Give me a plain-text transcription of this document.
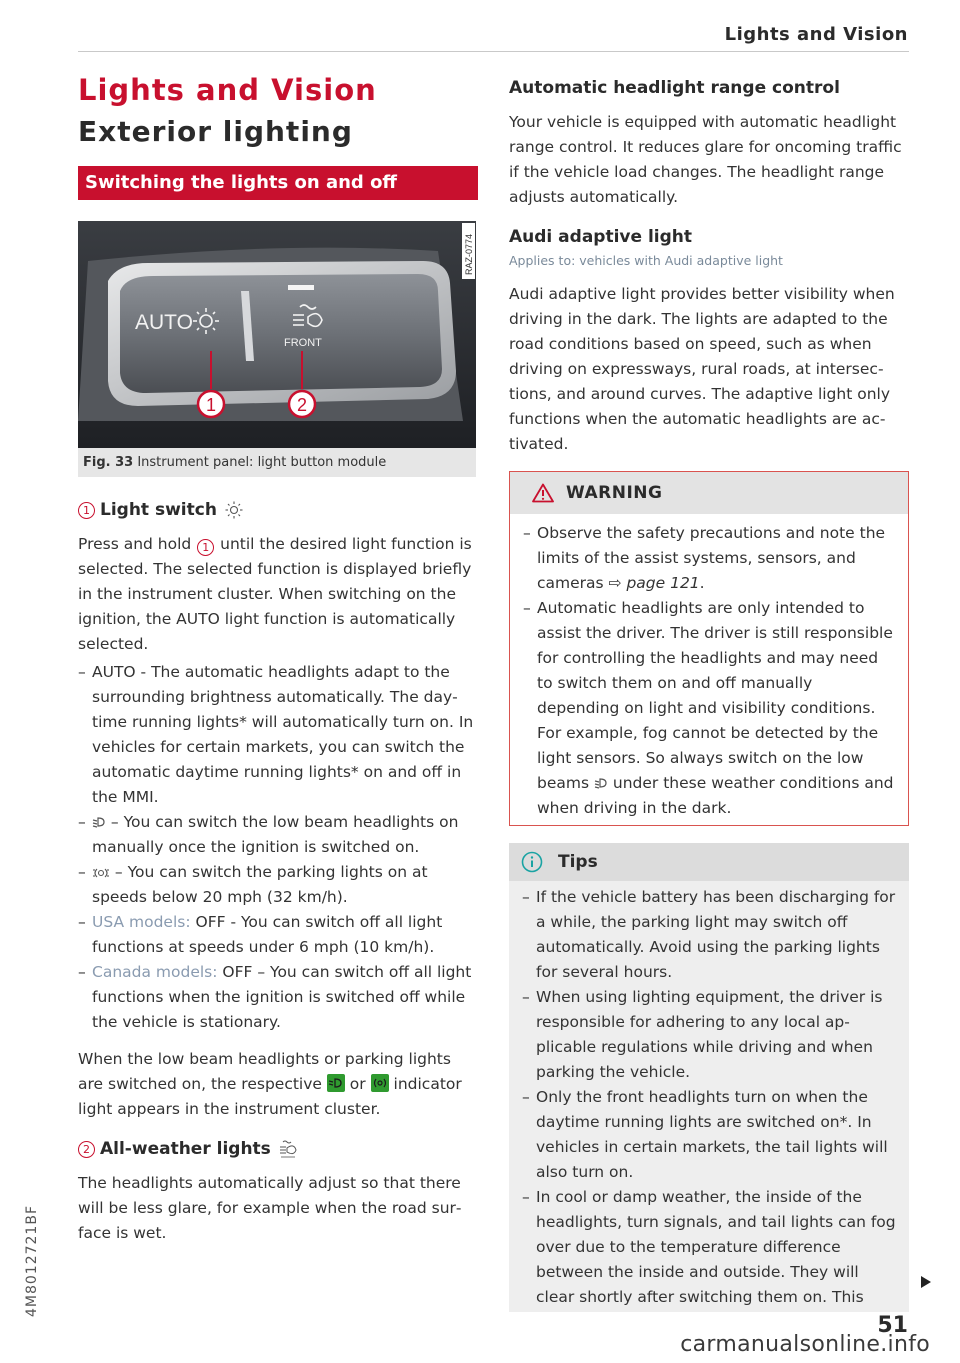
Lights and Vision
4M8012721BF
Lights and Vision
Exterior lighting
Switching the lights on and off
AUTO
FRONT
1	2
RAZ-0774
Fig. 33 Instrument panel: light button module
1 Light switch

Press and hold 1 until the desired light function is selected. The selected function is displayed briefly in the instrument cluster. When switching on the ignition, the AUTO light function is automatically selected.

– AUTO - The automatic headlights adapt to the surrounding brightness automatically. The daytime running lights* will automatically turn on. In vehicles for certain markets, you can switch the automatic daytime running lights* on and off in the MMI.
– – You can switch the low beam headlights on manually once the ignition is switched on.
– – You can switch the parking lights on at speeds below 20 mph (32 km/h).
– USA models: OFF - You can switch off all light functions at speeds under 6 mph (10 km/h).
– Canada models: OFF – You can switch off all light functions when the ignition is switched off while the vehicle is stationary.

When the low beam headlights or parking lights are switched on, the respective
or
indicator light appears in the instrument cluster.

2 All-weather lights

The headlights automatically adjust so that there will be less glare, for example when the road surface is wet.

Automatic headlight range control

Your vehicle is equipped with automatic headlight range control. It reduces glare for oncoming traffic if the vehicle load changes. The headlight range adjusts automatically.

Audi adaptive light
Applies to: vehicles with Audi adaptive light

Audi adaptive light provides better visibility when driving in the dark. The lights are adapted to the road conditions based on speed, such as when driving on expressways, rural roads, at intersections, and around curves. The adaptive light only functions when the automatic headlights are activated.

WARNING
– Observe the safety precautions and note the limits of the assist systems, sensors, and cameras ⇨ page 121.
– Automatic headlights are only intended to assist the driver. The driver is still responsible for controlling the headlights and may need to switch them on and off manually depending on light and visibility conditions. For example, fog cannot be detected by the light sensors. So always switch on the low beams  under these weather conditions and when driving in the dark.
Tips
– If the vehicle battery has been discharging for a while, the parking light may switch off automatically. Avoid using the parking lights for several hours.
– When using lighting equipment, the driver is responsible for adhering to any local applicable regulations while driving and when parking the vehicle.
– Only the front headlights turn on when the daytime running lights are switched on*. In vehicles in certain markets, the tail lights will also turn on.
– In cool or damp weather, the inside of the headlights, turn signals, and tail lights can fog over due to the temperature difference between the inside and outside. They will clear shortly after switching them on. This
51
carmanualsonline.info
